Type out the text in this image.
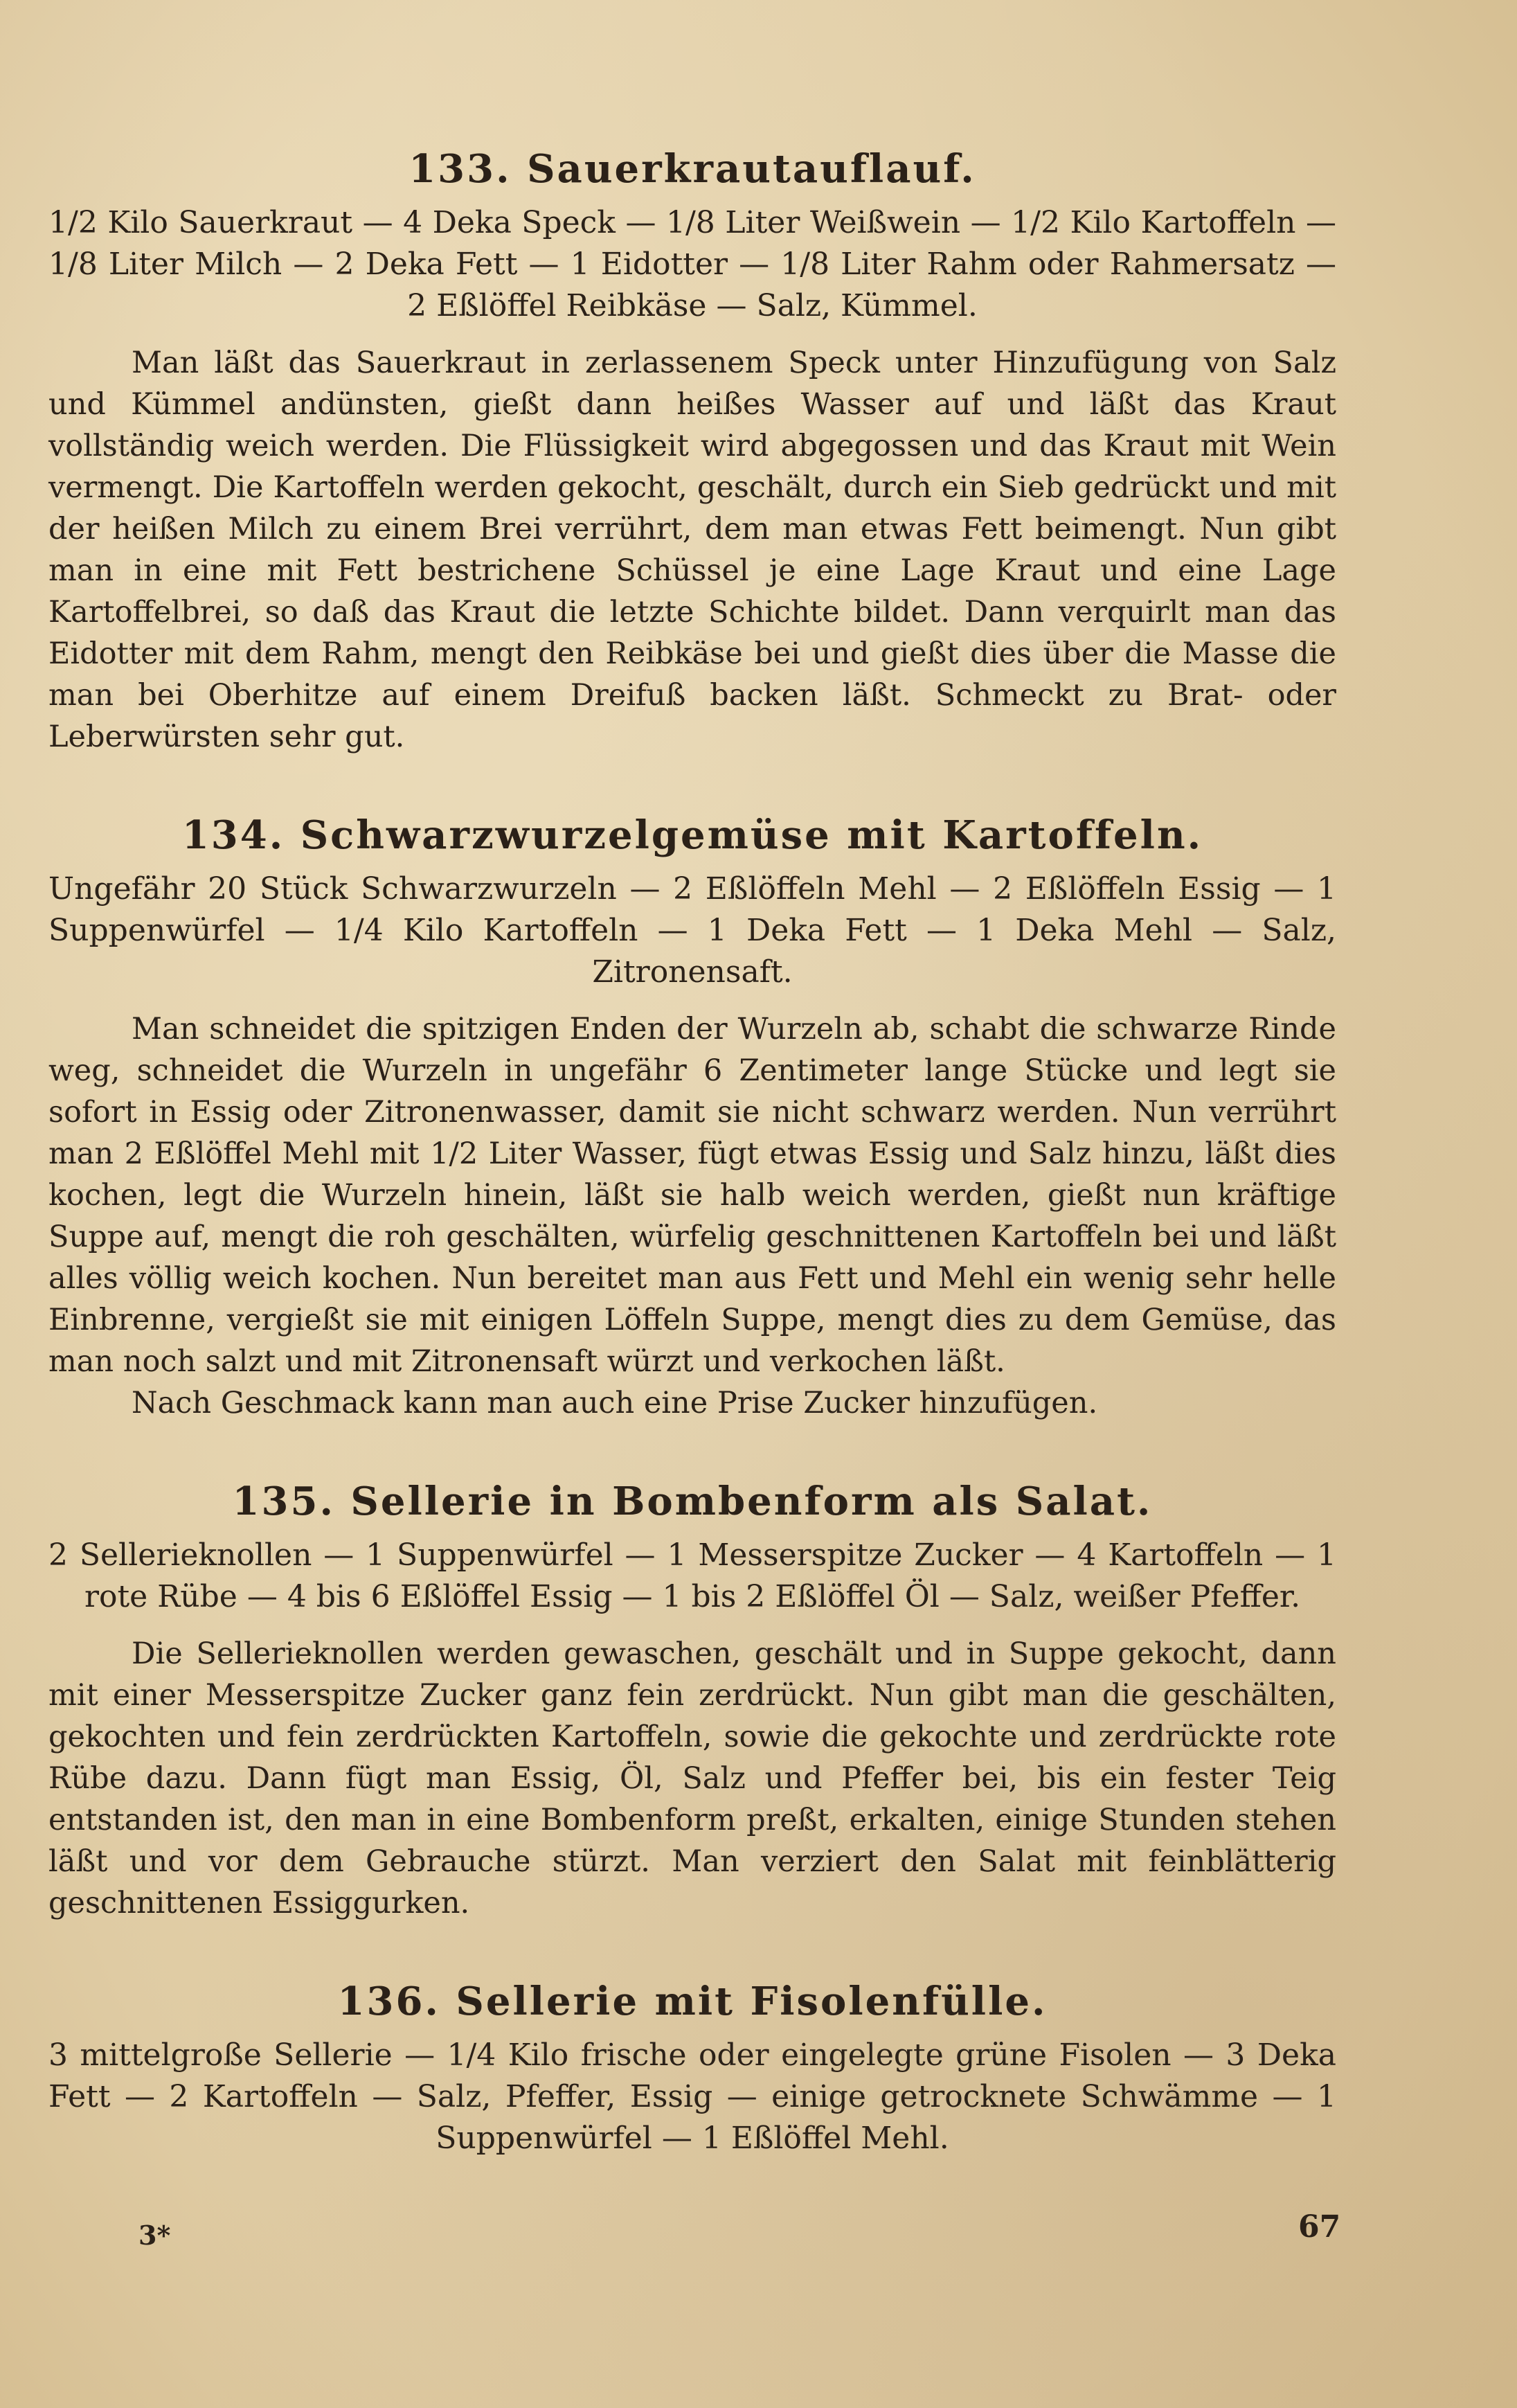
133. Sauerkrautauflauf.

1/2 Kilo Sauerkraut — 4 Deka Speck — 1/8 Liter Weißwein — 1/2 Kilo Kartoffeln — 1/8 Liter Milch — 2 Deka Fett — 1 Eidotter — 1/8 Liter Rahm oder Rahmersatz — 2 Eßlöffel Reibkäse — Salz, Kümmel.

Man läßt das Sauerkraut in zerlassenem Speck unter Hinzufügung von Salz und Kümmel andünsten, gießt dann heißes Wasser auf und läßt das Kraut vollständig weich werden. Die Flüssigkeit wird abgegossen und das Kraut mit Wein vermengt. Die Kartoffeln werden gekocht, geschält, durch ein Sieb gedrückt und mit der heißen Milch zu einem Brei verrührt, dem man etwas Fett beimengt. Nun gibt man in eine mit Fett bestrichene Schüssel je eine Lage Kraut und eine Lage Kartoffelbrei, so daß das Kraut die letzte Schichte bildet. Dann verquirlt man das Eidotter mit dem Rahm, mengt den Reibkäse bei und gießt dies über die Masse die man bei Oberhitze auf einem Dreifuß backen läßt. Schmeckt zu Brat- oder Leberwürsten sehr gut.

134. Schwarzwurzelgemüse mit Kartoffeln.

Ungefähr 20 Stück Schwarzwurzeln — 2 Eßlöffeln Mehl — 2 Eßlöffeln Essig — 1 Suppenwürfel — 1/4 Kilo Kartoffeln — 1 Deka Fett — 1 Deka Mehl — Salz, Zitronensaft.

Man schneidet die spitzigen Enden der Wurzeln ab, schabt die schwarze Rinde weg, schneidet die Wurzeln in ungefähr 6 Zentimeter lange Stücke und legt sie sofort in Essig oder Zitronenwasser, damit sie nicht schwarz werden. Nun verrührt man 2 Eßlöffel Mehl mit 1/2 Liter Wasser, fügt etwas Essig und Salz hinzu, läßt dies kochen, legt die Wurzeln hinein, läßt sie halb weich werden, gießt nun kräftige Suppe auf, mengt die roh geschälten, würfelig geschnittenen Kartoffeln bei und läßt alles völlig weich kochen. Nun bereitet man aus Fett und Mehl ein wenig sehr helle Einbrenne, vergießt sie mit einigen Löffeln Suppe, mengt dies zu dem Gemüse, das man noch salzt und mit Zitronensaft würzt und verkochen läßt.

Nach Geschmack kann man auch eine Prise Zucker hinzufügen.

135. Sellerie in Bombenform als Salat.

2 Sellerieknollen — 1 Suppenwürfel — 1 Messerspitze Zucker — 4 Kartoffeln — 1 rote Rübe — 4 bis 6 Eßlöffel Essig — 1 bis 2 Eßlöffel Öl — Salz, weißer Pfeffer.

Die Sellerieknollen werden gewaschen, geschält und in Suppe gekocht, dann mit einer Messerspitze Zucker ganz fein zerdrückt. Nun gibt man die geschälten, gekochten und fein zerdrückten Kartoffeln, sowie die gekochte und zerdrückte rote Rübe dazu. Dann fügt man Essig, Öl, Salz und Pfeffer bei, bis ein fester Teig entstanden ist, den man in eine Bombenform preßt, erkalten, einige Stunden stehen läßt und vor dem Gebrauche stürzt. Man verziert den Salat mit feinblätterig geschnittenen Essiggurken.

136. Sellerie mit Fisolenfülle.

3 mittelgroße Sellerie — 1/4 Kilo frische oder eingelegte grüne Fisolen — 3 Deka Fett — 2 Kartoffeln — Salz, Pfeffer, Essig — einige getrocknete Schwämme — 1 Suppenwürfel — 1 Eßlöffel Mehl.

3*	67
